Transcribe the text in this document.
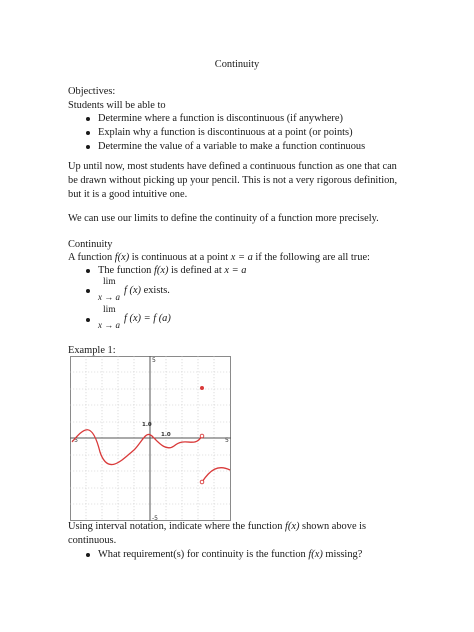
Continuity
Objectives:
Students will be able to
Determine where a function is discontinuous (if anywhere)
Explain why a function is discontinuous at a point (or points)
Determine the value of a variable to make a function continuous
Up until now, most students have defined a continuous function as one that can
be drawn without picking up your pencil. This is not a very rigorous definition,
but it is a good intuitive one.
We can use our limits to define the continuity of a function more precisely.
Continuity
A function f(x) is continuous at a point x = a if the following are all true:
The function f(x) is defined at x = a
lim
x → a
f (x) exists.
lim
x → a
f (x) = f (a)
Example 1:
-5	5
5
-5
1.0
1.0
Using interval notation, indicate where the function f(x) shown above is
continuous.
What requirement(s) for continuity is the function f(x) missing?
